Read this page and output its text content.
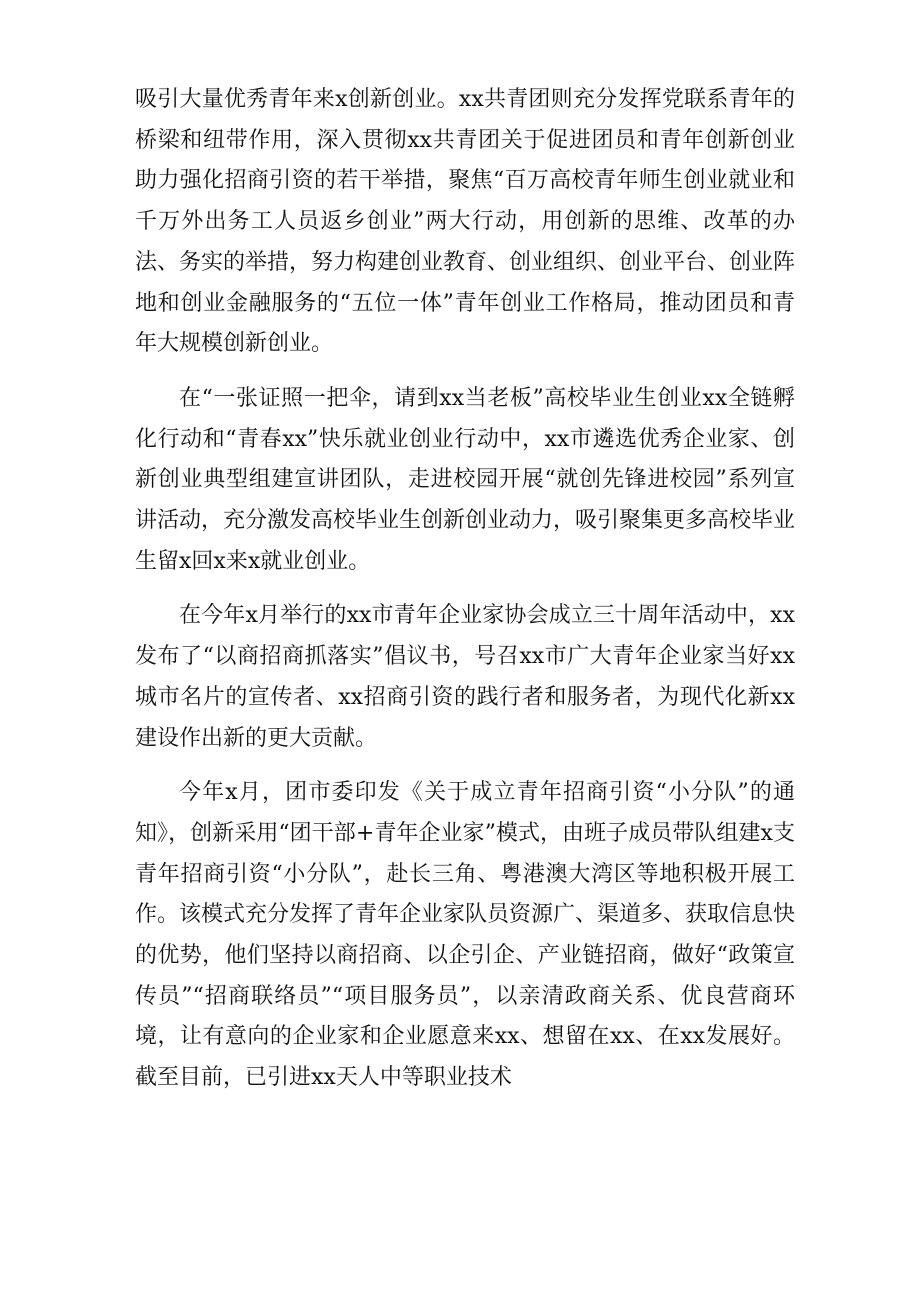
吸引大量优秀青年来x创新创业。xx共青团则充分发挥党联系青年的桥梁和纽带作用，深入贯彻xx共青团关于促进团员和青年创新创业助力强化招商引资的若干举措，聚焦“百万高校青年师生创业就业和千万外出务工人员返乡创业”两大行动，用创新的思维、改革的办法、务实的举措，努力构建创业教育、创业组织、创业平台、创业阵地和创业金融服务的“五位一体”青年创业工作格局，推动团员和青年大规模创新创业。

在“一张证照一把伞，请到xx当老板”高校毕业生创业xx全链孵化行动和“青春xx”快乐就业创业行动中，xx市遴选优秀企业家、创新创业典型组建宣讲团队，走进校园开展“就创先锋进校园”系列宣讲活动，充分激发高校毕业生创新创业动力，吸引聚集更多高校毕业生留x回x来x就业创业。

在今年x月举行的xx市青年企业家协会成立三十周年活动中，xx发布了“以商招商抓落实”倡议书，号召xx市广大青年企业家当好xx城市名片的宣传者、xx招商引资的践行者和服务者，为现代化新xx建设作出新的更大贡献。

今年x月，团市委印发《关于成立青年招商引资“小分队”的通知》，创新采用“团干部+青年企业家”模式，由班子成员带队组建x支青年招商引资“小分队”，赴长三角、粤港澳大湾区等地积极开展工作。该模式充分发挥了青年企业家队员资源广、渠道多、获取信息快的优势，他们坚持以商招商、以企引企、产业链招商，做好“政策宣传员”“招商联络员”“项目服务员”，以亲清政商关系、优良营商环境，让有意向的企业家和企业愿意来xx、想留在xx、在xx发展好。截至目前，已引进xx天人中等职业技术
